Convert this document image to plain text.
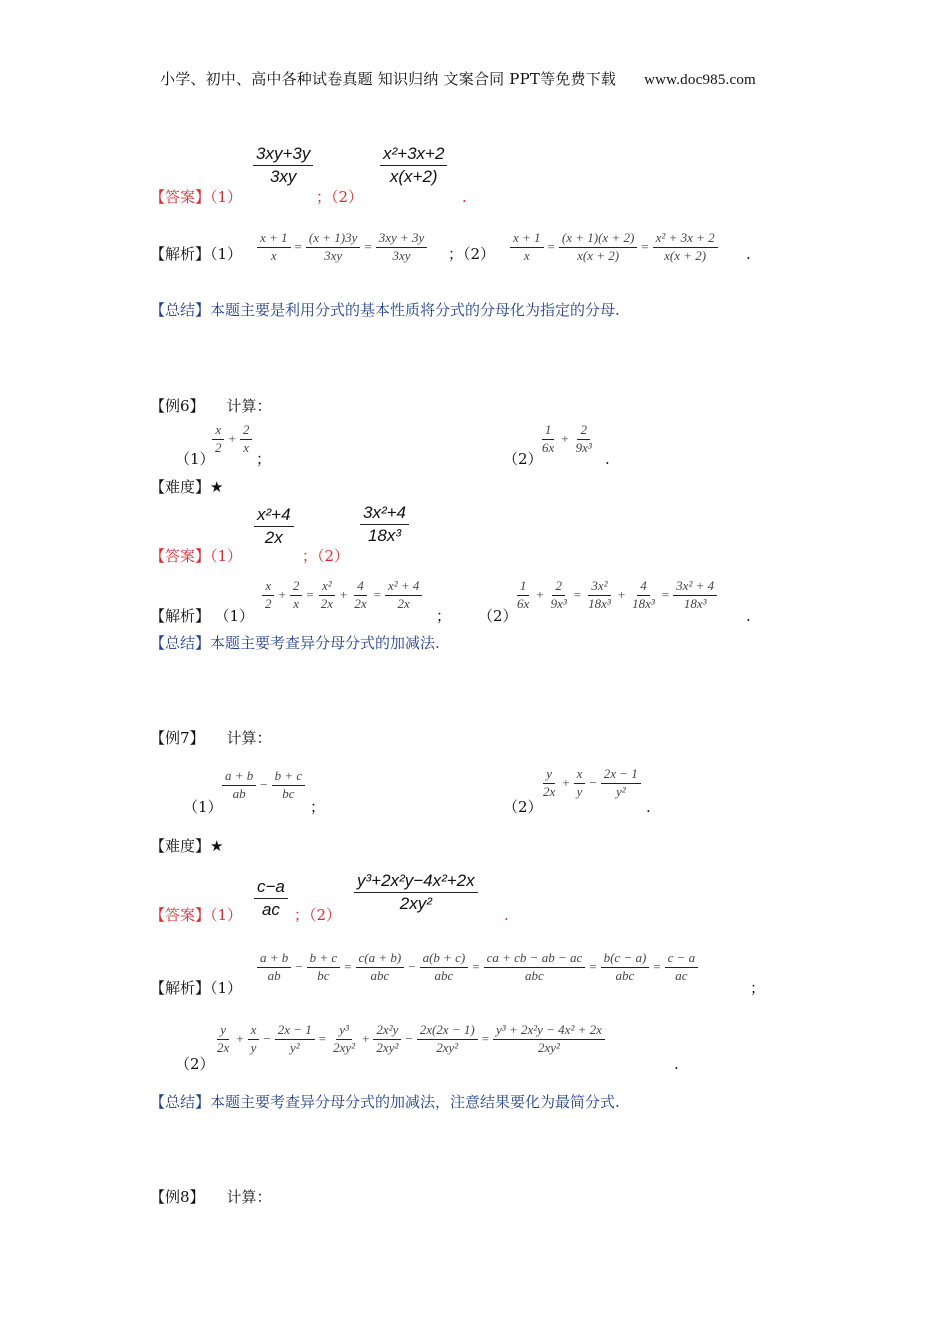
小学、初中、高中各种试卷真题 知识归纳 文案合同 PPT等免费下载 www.doc985.com
$\frac{3xy+3y}{3xy}$	$\frac{\text{x²+3x+2}}{x(x+2)}$
【答案】（1）	；（2）	.
【解析】$(1) \frac{x + 1}{x} = \frac{(x + 1)3y}{3xy} = \frac{3xy + 3y}{3xy}$ ；$(2) \frac{x + 1}{x} = \frac{(x + 1)(x + 2)}{x(x + 2)} = \frac{\text{x² + 3x + 2}}{x(x + 2)}$ .
【总结】本题主要是利用分式的基本性质将分式的分母化为指定的分母.
【例6】 计算：
（1）
$\frac{x}{2} + \frac{2}{x}$
；	（2）
$\frac{1}{6x} + \frac{2}{\text{9x³}}$
.
【难度】★
$\frac{\text{x²+4}}{2x}$	$\frac{\text{3x²+4}}{\text{18x³}}$
【答案】（1）	；（2）
【解析】 （1）
$\frac{x}{2} + \frac{2}{x} = \frac{\text{x²}}{2x} + \frac{4}{2x} = \frac{\text{x² + 4}}{2x}$
； （2）
$\frac{1}{6x} + \frac{2}{\text{9x³}} = \frac{\text{3x²}}{\text{18x³}} + \frac{4}{\text{18x³}} = \frac{\text{3x² + 4}}{\text{18x³}}$
.
【总结】本题主要考查异分母分式的加减法.
【例7】 计算：
（1）
$\frac{a + b}{ab} - \frac{b + c}{bc}$
；	（2）
$\frac{y}{2x} + \frac{x}{y} - \frac{2x - 1}{\text{y²}}$
.
【难度】★
$\frac{c-a}{ac}$	$\frac{\text{y³+2x²y−4x²+2x}}{\text{2xy²}}$
【答案】（1）	；（2）	.
【解析】（1）
$\frac{a + b}{ab} - \frac{b + c}{bc} = \frac{c(a + b)}{\text{abc}} - \frac{a(b + c)}{\text{abc}} = \frac{ca + cb - ab - ac}{\text{abc}} = \frac{b(c - a)}{\text{abc}} = \frac{c - a}{ac}$
；
（2）
$\frac{y}{2x} + \frac{x}{y} - \frac{2x - 1}{\text{y²}} = \frac{\text{y³}}{\text{2xy²}} + \frac{\text{2x²y}}{\text{2xy²}} - \frac{2x(2x - 1)}{\text{2xy²}} = \frac{\text{y³ + 2x²y − 4x² + 2x}}{\text{2xy²}}$
.
【总结】本题主要考查异分母分式的加减法，注意结果要化为最简分式.
【例8】 计算：
